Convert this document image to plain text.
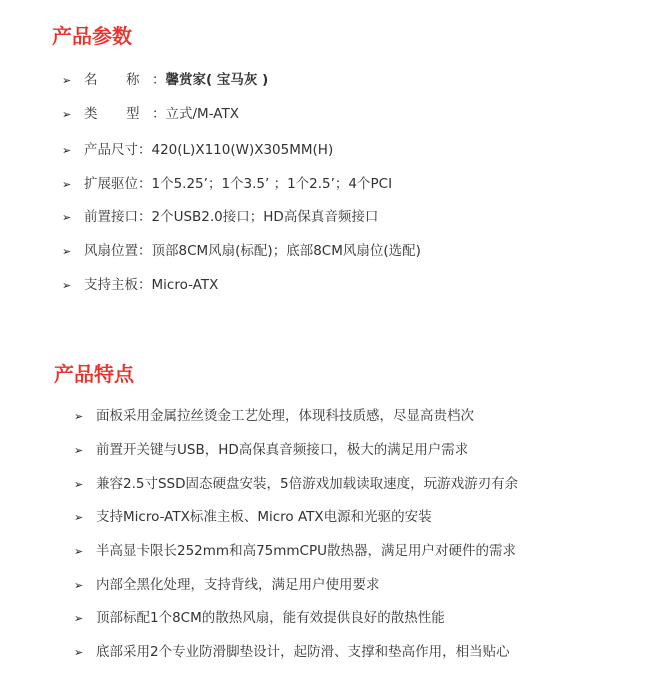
产品参数
➢ 名 称 ：馨赏家( 宝马灰 )
➢ 类 型 ：立式/M-ATX
➢ 产品尺寸：420(L)X110(W)X305MM(H)
➢ 扩展驱位：1个5.25’；1个3.5’ ；1个2.5’；4个PCI
➢ 前置接口：2个USB2.0接口；HD高保真音频接口
➢ 风扇位置：顶部8CM风扇(标配)；底部8CM风扇位(选配)
➢ 支持主板：Micro-ATX
产品特点
➢ 面板采用金属拉丝烫金工艺处理，体现科技质感，尽显高贵档次
➢ 前置开关键与USB，HD高保真音频接口，极大的满足用户需求
➢ 兼容2.5寸SSD固态硬盘安装，5倍游戏加载读取速度，玩游戏游刃有余
➢ 支持Micro-ATX标准主板、Micro ATX电源和光驱的安装
➢ 半高显卡限长252mm和高75mmCPU散热器，满足用户对硬件的需求
➢ 内部全黑化处理，支持背线，满足用户使用要求
➢ 顶部标配1个8CM的散热风扇，能有效提供良好的散热性能
➢ 底部采用2个专业防滑脚垫设计，起防滑、支撑和垫高作用，相当贴心
